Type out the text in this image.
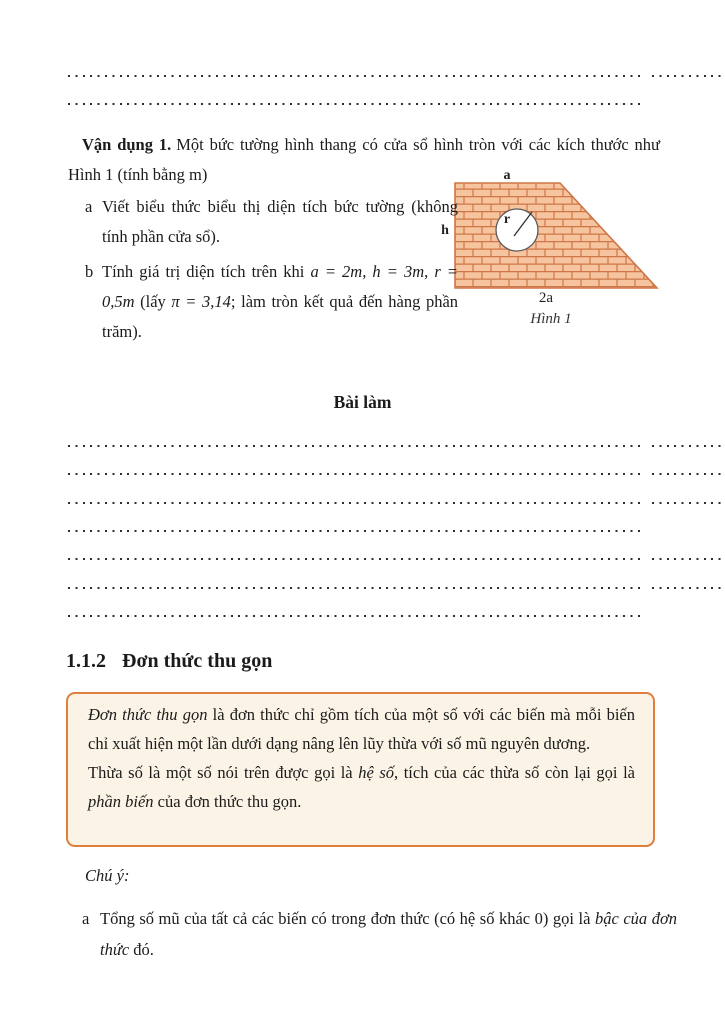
Vận dụng 1. Một bức tường hình thang có cửa sổ hình tròn với các kích thước như Hình 1 (tính bằng m)	a
h
r
2a
Hình 1
a Viết biểu thức biểu thị diện tích bức tường (không tính phần cửa sổ).
b Tính giá trị diện tích trên khi a = 2m, h = 3m, r = 0,5m (lấy π = 3,14; làm tròn kết quả đến hàng phần trăm).
Bài làm
1.1.2 Đơn thức thu gọn

Đơn thức thu gọn là đơn thức chỉ gồm tích của một số với các biến mà mỗi biến chỉ xuất hiện một lần dưới dạng nâng lên lũy thừa với số mũ nguyên dương.

Thừa số là một số nói trên được gọi là hệ số, tích của các thừa số còn lại gọi là phần biến của đơn thức thu gọn.

Chú ý:
a Tổng số mũ của tất cả các biến có trong đơn thức (có hệ số khác 0) gọi là bậc của đơn thức đó.
